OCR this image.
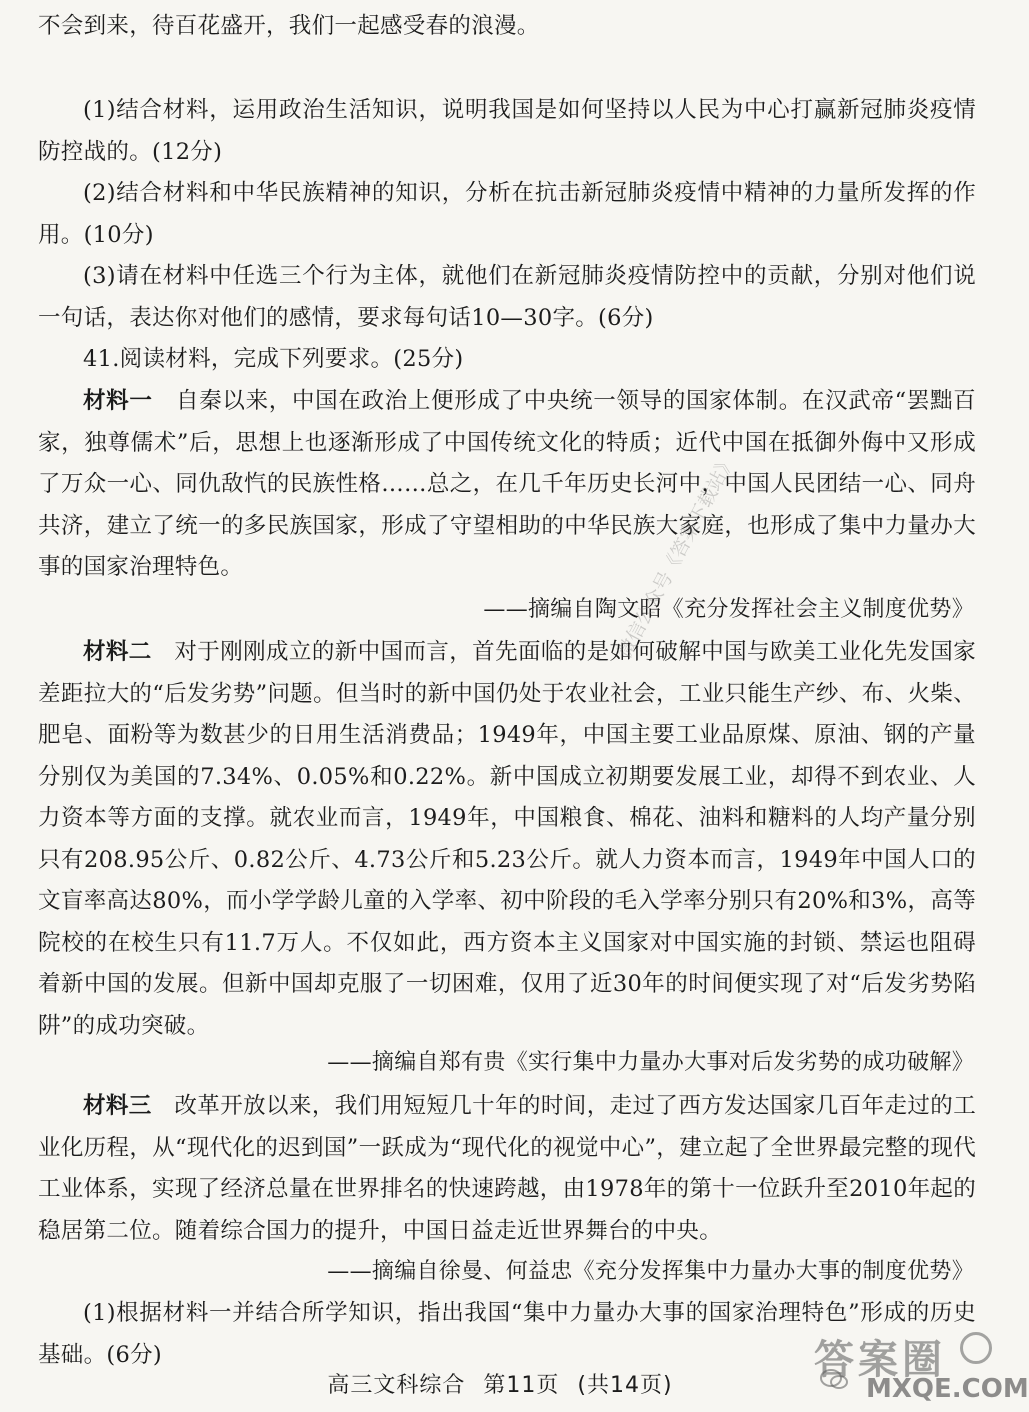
不会到来，待百花盛开，我们一起感受春的浪漫。

(1)结合材料，运用政治生活知识，说明我国是如何坚持以人民为中心打赢新冠肺炎疫情防控战的。(12分)

(2)结合材料和中华民族精神的知识，分析在抗击新冠肺炎疫情中精神的力量所发挥的作用。(10分)

(3)请在材料中任选三个行为主体，就他们在新冠肺炎疫情防控中的贡献，分别对他们说一句话，表达你对他们的感情，要求每句话10—30字。(6分)

41.阅读材料，完成下列要求。(25分)

材料一 自秦以来，中国在政治上便形成了中央统一领导的国家体制。在汉武帝“罢黜百家，独尊儒术”后，思想上也逐渐形成了中国传统文化的特质；近代中国在抵御外侮中又形成了万众一心、同仇敌忾的民族性格……总之，在几千年历史长河中，中国人民团结一心、同舟共济，建立了统一的多民族国家，形成了守望相助的中华民族大家庭，也形成了集中力量办大事的国家治理特色。

——摘编自陶文昭《充分发挥社会主义制度优势》

材料二 对于刚刚成立的新中国而言，首先面临的是如何破解中国与欧美工业化先发国家差距拉大的“后发劣势”问题。但当时的新中国仍处于农业社会，工业只能生产纱、布、火柴、肥皂、面粉等为数甚少的日用生活消费品；1949年，中国主要工业品原煤、原油、钢的产量分别仅为美国的7.34%、0.05%和0.22%。新中国成立初期要发展工业，却得不到农业、人力资本等方面的支撑。就农业而言，1949年，中国粮食、棉花、油料和糖料的人均产量分别只有208.95公斤、0.82公斤、4.73公斤和5.23公斤。就人力资本而言，1949年中国人口的文盲率高达80%，而小学学龄儿童的入学率、初中阶段的毛入学率分别只有20%和3%，高等院校的在校生只有11.7万人。不仅如此，西方资本主义国家对中国实施的封锁、禁运也阻碍着新中国的发展。但新中国却克服了一切困难，仅用了近30年的时间便实现了对“后发劣势陷阱”的成功突破。

——摘编自郑有贵《实行集中力量办大事对后发劣势的成功破解》

材料三 改革开放以来，我们用短短几十年的时间，走过了西方发达国家几百年走过的工业化历程，从“现代化的迟到国”一跃成为“现代化的视觉中心”，建立起了全世界最完整的现代工业体系，实现了经济总量在世界排名的快速跨越，由1978年的第十一位跃升至2010年起的稳居第二位。随着综合国力的提升，中国日益走近世界舞台的中央。

——摘编自徐曼、何益忠《充分发挥集中力量办大事的制度优势》

(1)根据材料一并结合所学知识，指出我国“集中力量办大事的国家治理特色”形成的历史基础。(6分)

高三文科综合 第11页 (共14页)
微信公众号《答案下载站》
答案圈
MXQE.COM
